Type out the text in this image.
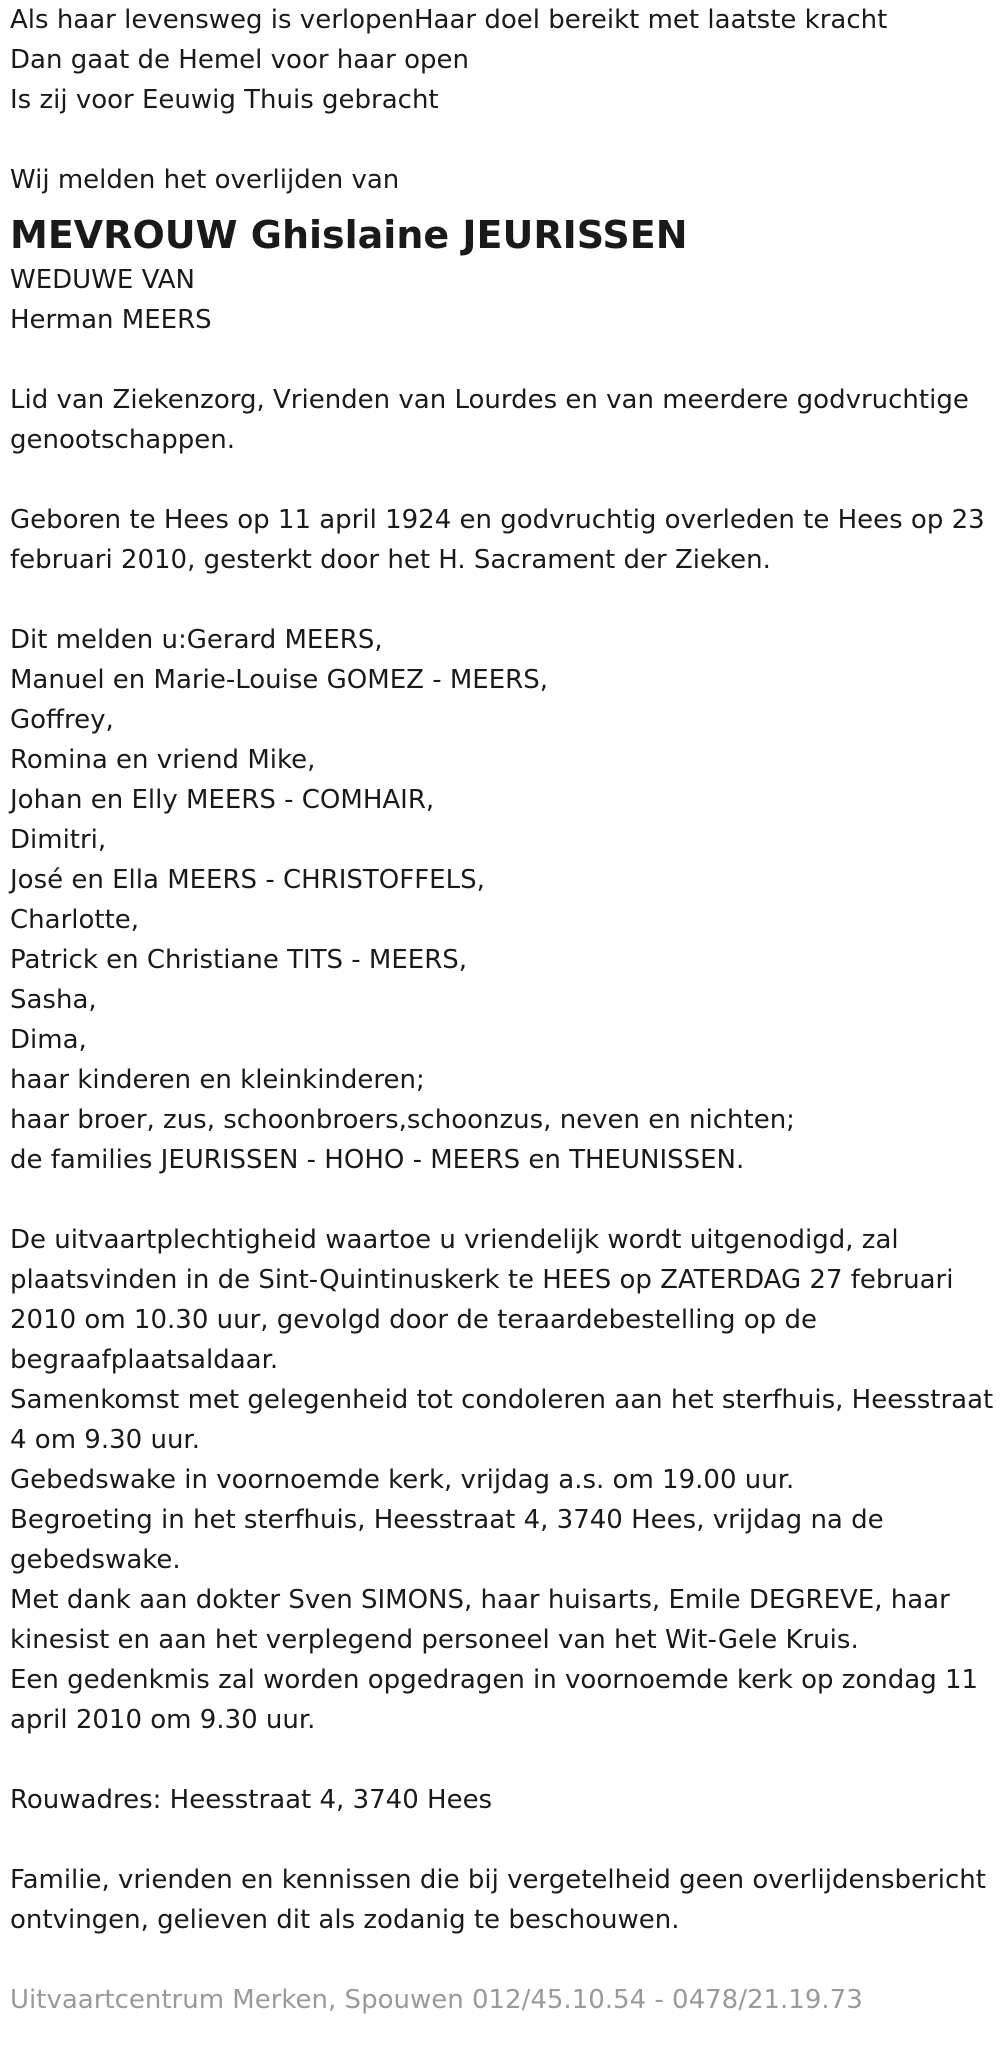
Als haar levensweg is verlopenHaar doel bereikt met laatste kracht

Dan gaat de Hemel voor haar open

Is zij voor Eeuwig Thuis gebracht

Wij melden het overlijden van

MEVROUW Ghislaine JEURISSEN

WEDUWE VAN

Herman MEERS

Lid van Ziekenzorg, Vrienden van Lourdes en van meerdere godvruchtige genootschappen.

Geboren te Hees op 11 april 1924 en godvruchtig overleden te Hees op 23 februari 2010, gesterkt door het H. Sacrament der Zieken.

Dit melden u:Gerard MEERS,

Manuel en Marie-Louise GOMEZ - MEERS,

Goffrey,

Romina en vriend Mike,

Johan en Elly MEERS - COMHAIR,

Dimitri,

José en Ella MEERS - CHRISTOFFELS,

Charlotte,

Patrick en Christiane TITS - MEERS,

Sasha,

Dima,

haar kinderen en kleinkinderen;

haar broer, zus, schoonbroers,schoonzus, neven en nichten;

de families JEURISSEN - HOHO - MEERS en THEUNISSEN.

De uitvaartplechtigheid waartoe u vriendelijk wordt uitgenodigd, zal plaatsvinden in de Sint-Quintinuskerk te HEES op ZATERDAG 27 februari 2010 om 10.30 uur, gevolgd door de teraardebestelling op de begraafplaatsaldaar.

Samenkomst met gelegenheid tot condoleren aan het sterfhuis, Heesstraat 4 om 9.30 uur.

Gebedswake in voornoemde kerk, vrijdag a.s. om 19.00 uur.

Begroeting in het sterfhuis, Heesstraat 4, 3740 Hees, vrijdag na de gebedswake.

Met dank aan dokter Sven SIMONS, haar huisarts, Emile DEGREVE, haar kinesist en aan het verplegend personeel van het Wit-Gele Kruis.

Een gedenkmis zal worden opgedragen in voornoemde kerk op zondag 11 april 2010 om 9.30 uur.

Rouwadres: Heesstraat 4, 3740 Hees

Familie, vrienden en kennissen die bij vergetelheid geen overlijdensbericht ontvingen, gelieven dit als zodanig te beschouwen.

Uitvaartcentrum Merken, Spouwen 012/45.10.54 - 0478/21.19.73
